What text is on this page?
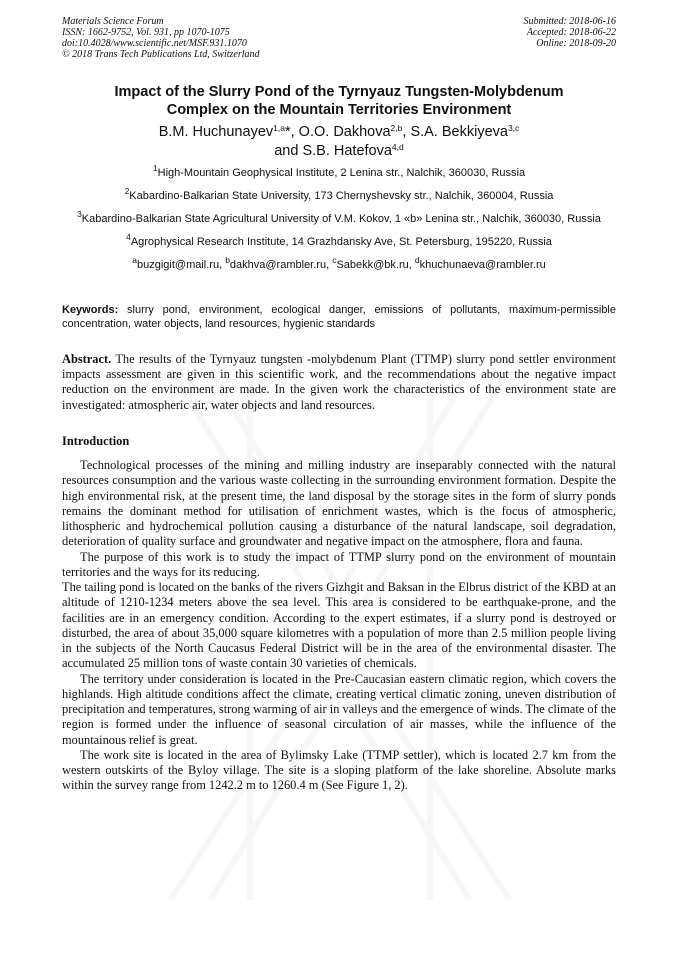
Materials Science Forum
ISSN: 1662-9752, Vol. 931, pp 1070-1075
doi:10.4028/www.scientific.net/MSF.931.1070
© 2018 Trans Tech Publications Ltd, Switzerland
Submitted: 2018-06-16
Accepted: 2018-06-22
Online: 2018-09-20
Impact of the Slurry Pond of the Tyrnyauz Tungsten-Molybdenum
Complex on the Mountain Territories Environment
B.M. Huchunayev$^{1,a}$*, O.O. Dakhova$^{2,b}$, S.A. Bekkiyeva$^{3,c}$
and S.B. Hatefova$^{4,d}$

$^1$High-Mountain Geophysical Institute, 2 Lenina str., Nalchik, 360030, Russia

$^2$Kabardino-Balkarian State University, 173 Chernyshevsky str., Nalchik, 360004, Russia

$^3$Kabardino-Balkarian State Agricultural University of V.M. Kokov, 1 «b» Lenina str., Nalchik, 360030, Russia

$^4$Agrophysical Research Institute, 14 Grazhdansky Ave, St. Petersburg, 195220, Russia

$^a$buzgigit@mail.ru, $^b$dakhva@rambler.ru, $^c$Sabekk@bk.ru, $^d$khuchunaeva@rambler.ru

Keywords: slurry pond, environment, ecological danger, emissions of pollutants, maximum-permissible concentration, water objects, land resources, hygienic standards
Abstract. The results of the Tyrnyauz tungsten -molybdenum Plant (TTMP) slurry pond settler environment impacts assessment are given in this scientific work, and the recommendations about the negative impact reduction on the environment are made. In the given work the characteristics of the environment state are investigated: atmospheric air, water objects and land resources.
Introduction

Technological processes of the mining and milling industry are inseparably connected with the natural resources consumption and the various waste collecting in the surrounding environment formation. Despite the high environmental risk, at the present time, the land disposal by the storage sites in the form of slurry ponds remains the dominant method for utilisation of enrichment wastes, which is the focus of atmospheric, lithospheric and hydrochemical pollution causing a disturbance of the natural landscape, soil degradation, deterioration of quality surface and groundwater and negative impact on the atmosphere, flora and fauna.

The purpose of this work is to study the impact of TTMP slurry pond on the environment of mountain territories and the ways for its reducing.

The tailing pond is located on the banks of the rivers Gizhgit and Baksan in the Elbrus district of the KBD at an altitude of 1210-1234 meters above the sea level. This area is considered to be earthquake-prone, and the facilities are in an emergency condition. According to the expert estimates, if a slurry pond is destroyed or disturbed, the area of about 35,000 square kilometres with a population of more than 2.5 million people living in the subjects of the North Caucasus Federal District will be in the area of the environmental disaster. The accumulated 25 million tons of waste contain 30 varieties of chemicals.

The territory under consideration is located in the Pre-Caucasian eastern climatic region, which covers the highlands. High altitude conditions affect the climate, creating vertical climatic zoning, uneven distribution of precipitation and temperatures, strong warming of air in valleys and the emergence of winds. The climate of the region is formed under the influence of seasonal circulation of air masses, while the influence of the mountainous relief is great.

The work site is located in the area of Bylimsky Lake (TTMP settler), which is located 2.7 km from the western outskirts of the Byloy village. The site is a sloping platform of the lake shoreline. Absolute marks within the survey range from 1242.2 m to 1260.4 m (See Figure 1, 2).
